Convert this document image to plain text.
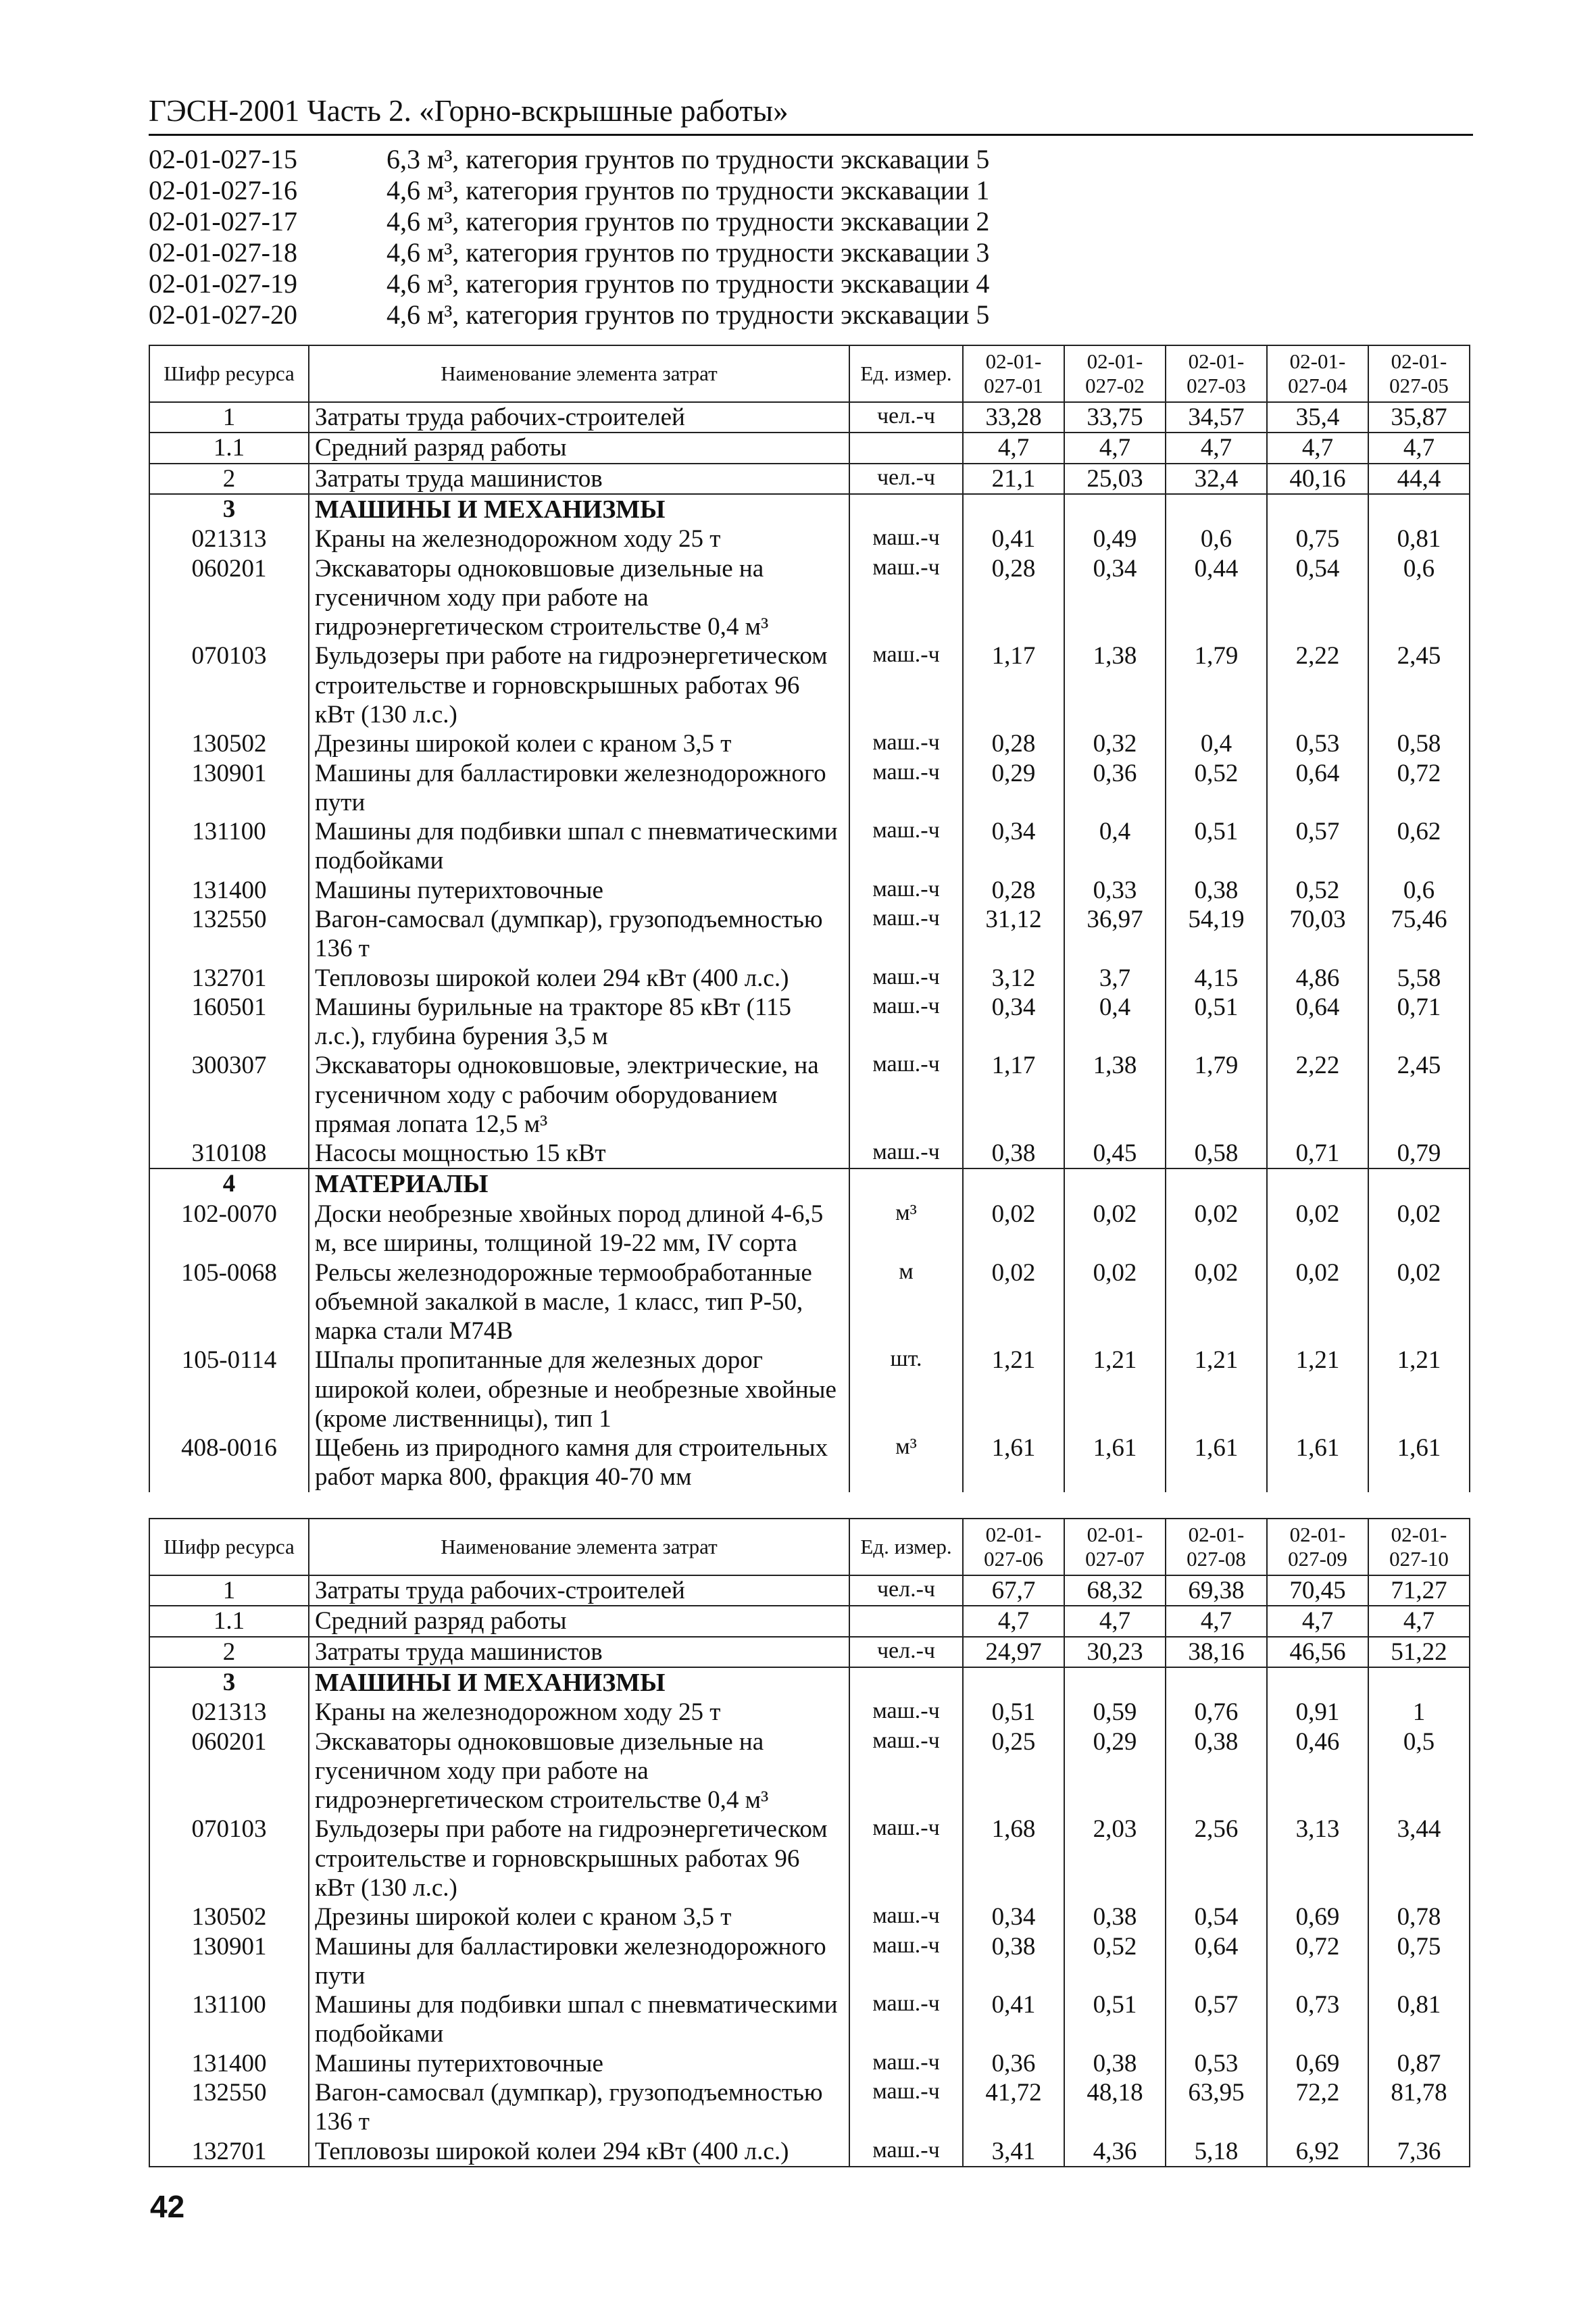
ГЭСН-2001 Часть 2. «Горно-вскрышные работы»
02-01-027-15	6,3 м³, категория грунтов по трудности экскавации 5
02-01-027-16	4,6 м³, категория грунтов по трудности экскавации 1
02-01-027-17	4,6 м³, категория грунтов по трудности экскавации 2
02-01-027-18	4,6 м³, категория грунтов по трудности экскавации 3
02-01-027-19	4,6 м³, категория грунтов по трудности экскавации 4
02-01-027-20	4,6 м³, категория грунтов по трудности экскавации 5
Шифр ресурса	Наименование элемента затрат	Ед. измер.	02-01-027-01	02-01-027-02	02-01-027-03	02-01-027-04	02-01-027-05
1	Затраты труда рабочих-строителей	чел.-ч	33,28	33,75	34,57	35,4	35,87
1.1	Средний разряд работы		4,7	4,7	4,7	4,7	4,7
2	Затраты труда машинистов	чел.-ч	21,1	25,03	32,4	40,16	44,4
3	МАШИНЫ И МЕХАНИЗМЫ						
021313	Краны на железнодорожном ходу 25 т	маш.-ч	0,41	0,49	0,6	0,75	0,81
060201	Экскаваторы одноковшовые дизельные на гусеничном ходу при работе на гидроэнергетическом строительстве 0,4 м³	маш.-ч	0,28	0,34	0,44	0,54	0,6
070103	Бульдозеры при работе на гидроэнергетическом строительстве и горновскрышных работах 96 кВт (130 л.с.)	маш.-ч	1,17	1,38	1,79	2,22	2,45
130502	Дрезины широкой колеи с краном 3,5 т	маш.-ч	0,28	0,32	0,4	0,53	0,58
130901	Машины для балластировки железнодорожного пути	маш.-ч	0,29	0,36	0,52	0,64	0,72
131100	Машины для подбивки шпал с пневматическими подбойками	маш.-ч	0,34	0,4	0,51	0,57	0,62
131400	Машины путерихтовочные	маш.-ч	0,28	0,33	0,38	0,52	0,6
132550	Вагон-самосвал (думпкар), грузоподъемностью 136 т	маш.-ч	31,12	36,97	54,19	70,03	75,46
132701	Тепловозы широкой колеи 294 кВт (400 л.с.)	маш.-ч	3,12	3,7	4,15	4,86	5,58
160501	Машины бурильные на тракторе 85 кВт (115 л.с.), глубина бурения 3,5 м	маш.-ч	0,34	0,4	0,51	0,64	0,71
300307	Экскаваторы одноковшовые, электрические, на гусеничном ходу с рабочим оборудованием прямая лопата 12,5 м³	маш.-ч	1,17	1,38	1,79	2,22	2,45
310108	Насосы мощностью 15 кВт	маш.-ч	0,38	0,45	0,58	0,71	0,79
4	МАТЕРИАЛЫ						
102-0070	Доски необрезные хвойных пород длиной 4-6,5 м, все ширины, толщиной 19-22 мм, IV сорта	м³	0,02	0,02	0,02	0,02	0,02
105-0068	Рельсы железнодорожные термообработанные объемной закалкой в масле, 1 класс, тип Р-50, марка стали М74В	м	0,02	0,02	0,02	0,02	0,02
105-0114	Шпалы пропитанные для железных дорог широкой колеи, обрезные и необрезные хвойные (кроме лиственницы), тип 1	шт.	1,21	1,21	1,21	1,21	1,21
408-0016	Щебень из природного камня для строительных работ марка 800, фракция 40-70 мм	м³	1,61	1,61	1,61	1,61	1,61
Шифр ресурса	Наименование элемента затрат	Ед. измер.	02-01-027-06	02-01-027-07	02-01-027-08	02-01-027-09	02-01-027-10
1	Затраты труда рабочих-строителей	чел.-ч	67,7	68,32	69,38	70,45	71,27
1.1	Средний разряд работы		4,7	4,7	4,7	4,7	4,7
2	Затраты труда машинистов	чел.-ч	24,97	30,23	38,16	46,56	51,22
3	МАШИНЫ И МЕХАНИЗМЫ						
021313	Краны на железнодорожном ходу 25 т	маш.-ч	0,51	0,59	0,76	0,91	1
060201	Экскаваторы одноковшовые дизельные на гусеничном ходу при работе на гидроэнергетическом строительстве 0,4 м³	маш.-ч	0,25	0,29	0,38	0,46	0,5
070103	Бульдозеры при работе на гидроэнергетическом строительстве и горновскрышных работах 96 кВт (130 л.с.)	маш.-ч	1,68	2,03	2,56	3,13	3,44
130502	Дрезины широкой колеи с краном 3,5 т	маш.-ч	0,34	0,38	0,54	0,69	0,78
130901	Машины для балластировки железнодорожного пути	маш.-ч	0,38	0,52	0,64	0,72	0,75
131100	Машины для подбивки шпал с пневматическими подбойками	маш.-ч	0,41	0,51	0,57	0,73	0,81
131400	Машины путерихтовочные	маш.-ч	0,36	0,38	0,53	0,69	0,87
132550	Вагон-самосвал (думпкар), грузоподъемностью 136 т	маш.-ч	41,72	48,18	63,95	72,2	81,78
132701	Тепловозы широкой колеи 294 кВт (400 л.с.)	маш.-ч	3,41	4,36	5,18	6,92	7,36
42
